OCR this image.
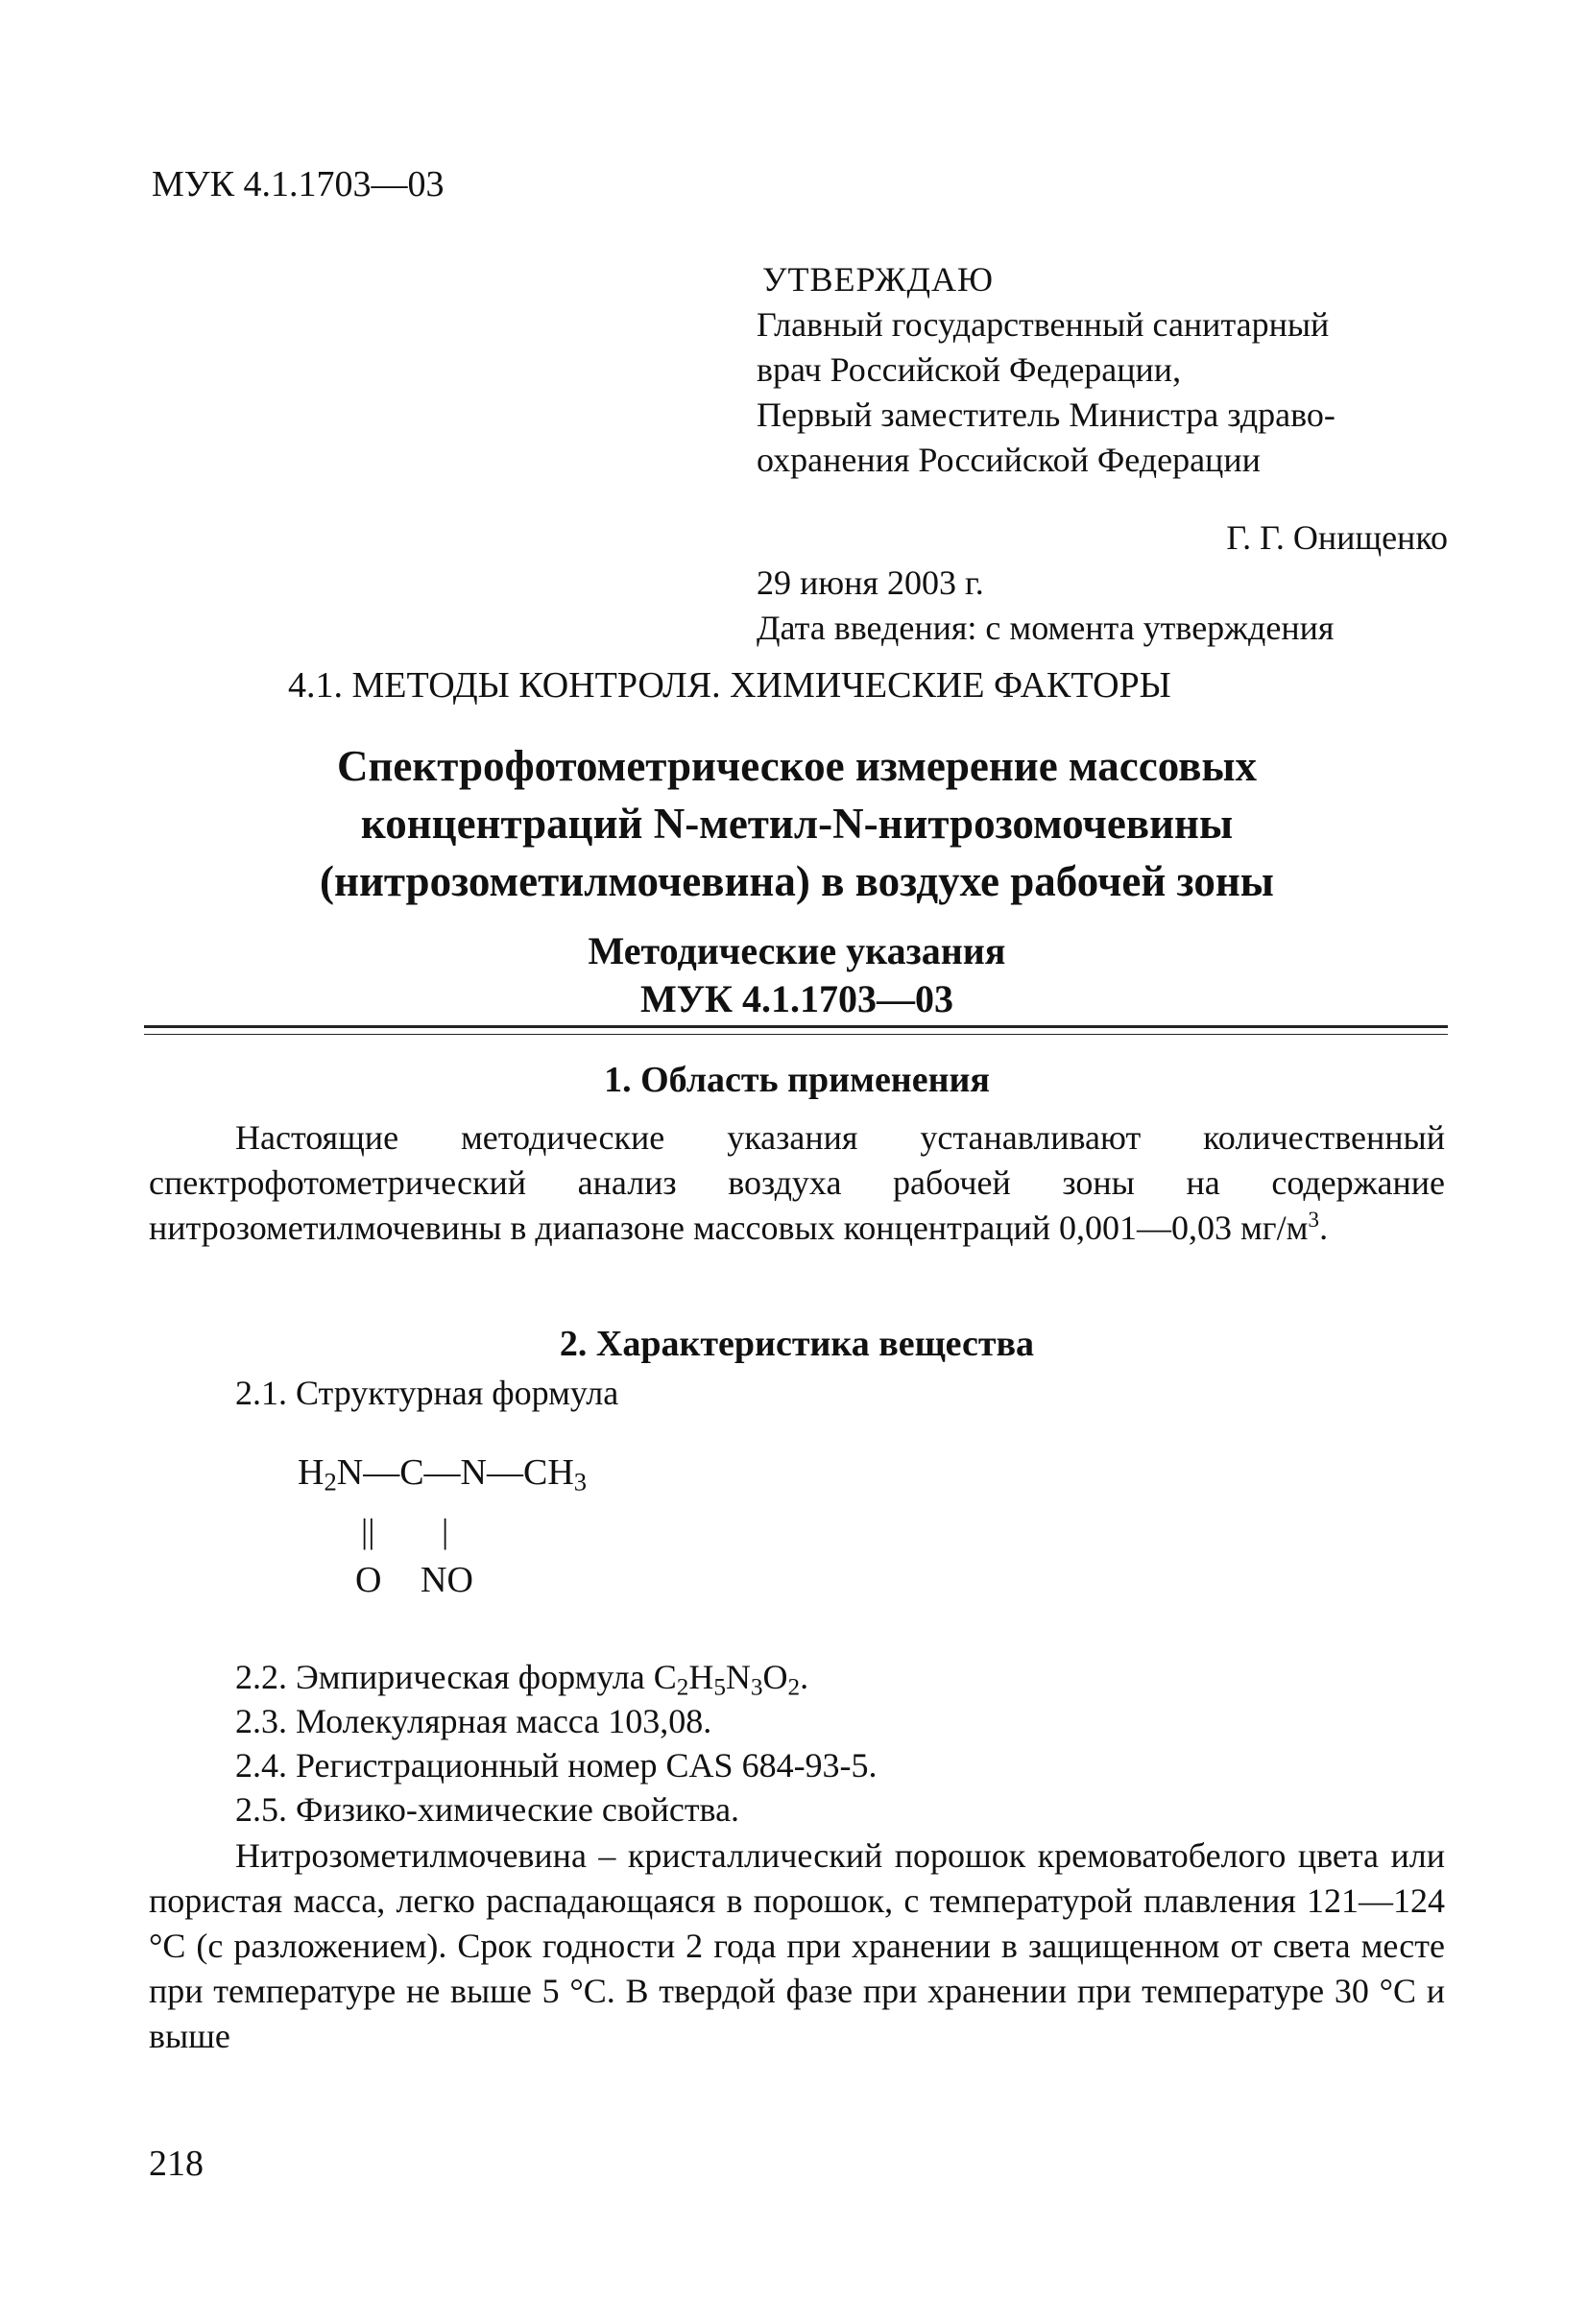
МУК 4.1.1703—03
УТВЕРЖДАЮ
Главный государственный санитарный
врач Российской Федерации,
Первый заместитель Министра здраво-
охранения Российской Федерации
Г. Г. Онищенко
29 июня 2003 г.
Дата введения: с момента утверждения
4.1. МЕТОДЫ КОНТРОЛЯ. ХИМИЧЕСКИЕ ФАКТОРЫ
Спектрофотометрическое измерение массовых
концентраций N-метил-N-нитрозомочевины
(нитрозометилмочевина) в воздухе рабочей зоны
Методические указания
МУК 4.1.1703—03
1. Область применения
Настоящие методические указания устанавливают количественный спектрофотометрический анализ воздуха рабочей зоны на содержание нитрозометилмочевины в диапазоне массовых концентраций 0,001—0,03 $мг/м^3$.
2. Характеристика вещества
2.1. Структурная формула
$H_2N—C—N—CH_3$
|| |
O NO
2.2. Эмпирическая формула $C_2H_5N_3O_2$.
2.3. Молекулярная масса 103,08.
2.4. Регистрационный номер CAS 684-93-5.
2.5. Физико-химические свойства.
Нитрозометилмочевина – кристаллический порошок кремоватобелого цвета или пористая масса, легко распадающаяся в порошок, с температурой плавления 121—124 °С (с разложением). Срок годности 2 года при хранении в защищенном от света месте при температуре не выше 5 °С. В твердой фазе при хранении при температуре 30 °С и выше
218
